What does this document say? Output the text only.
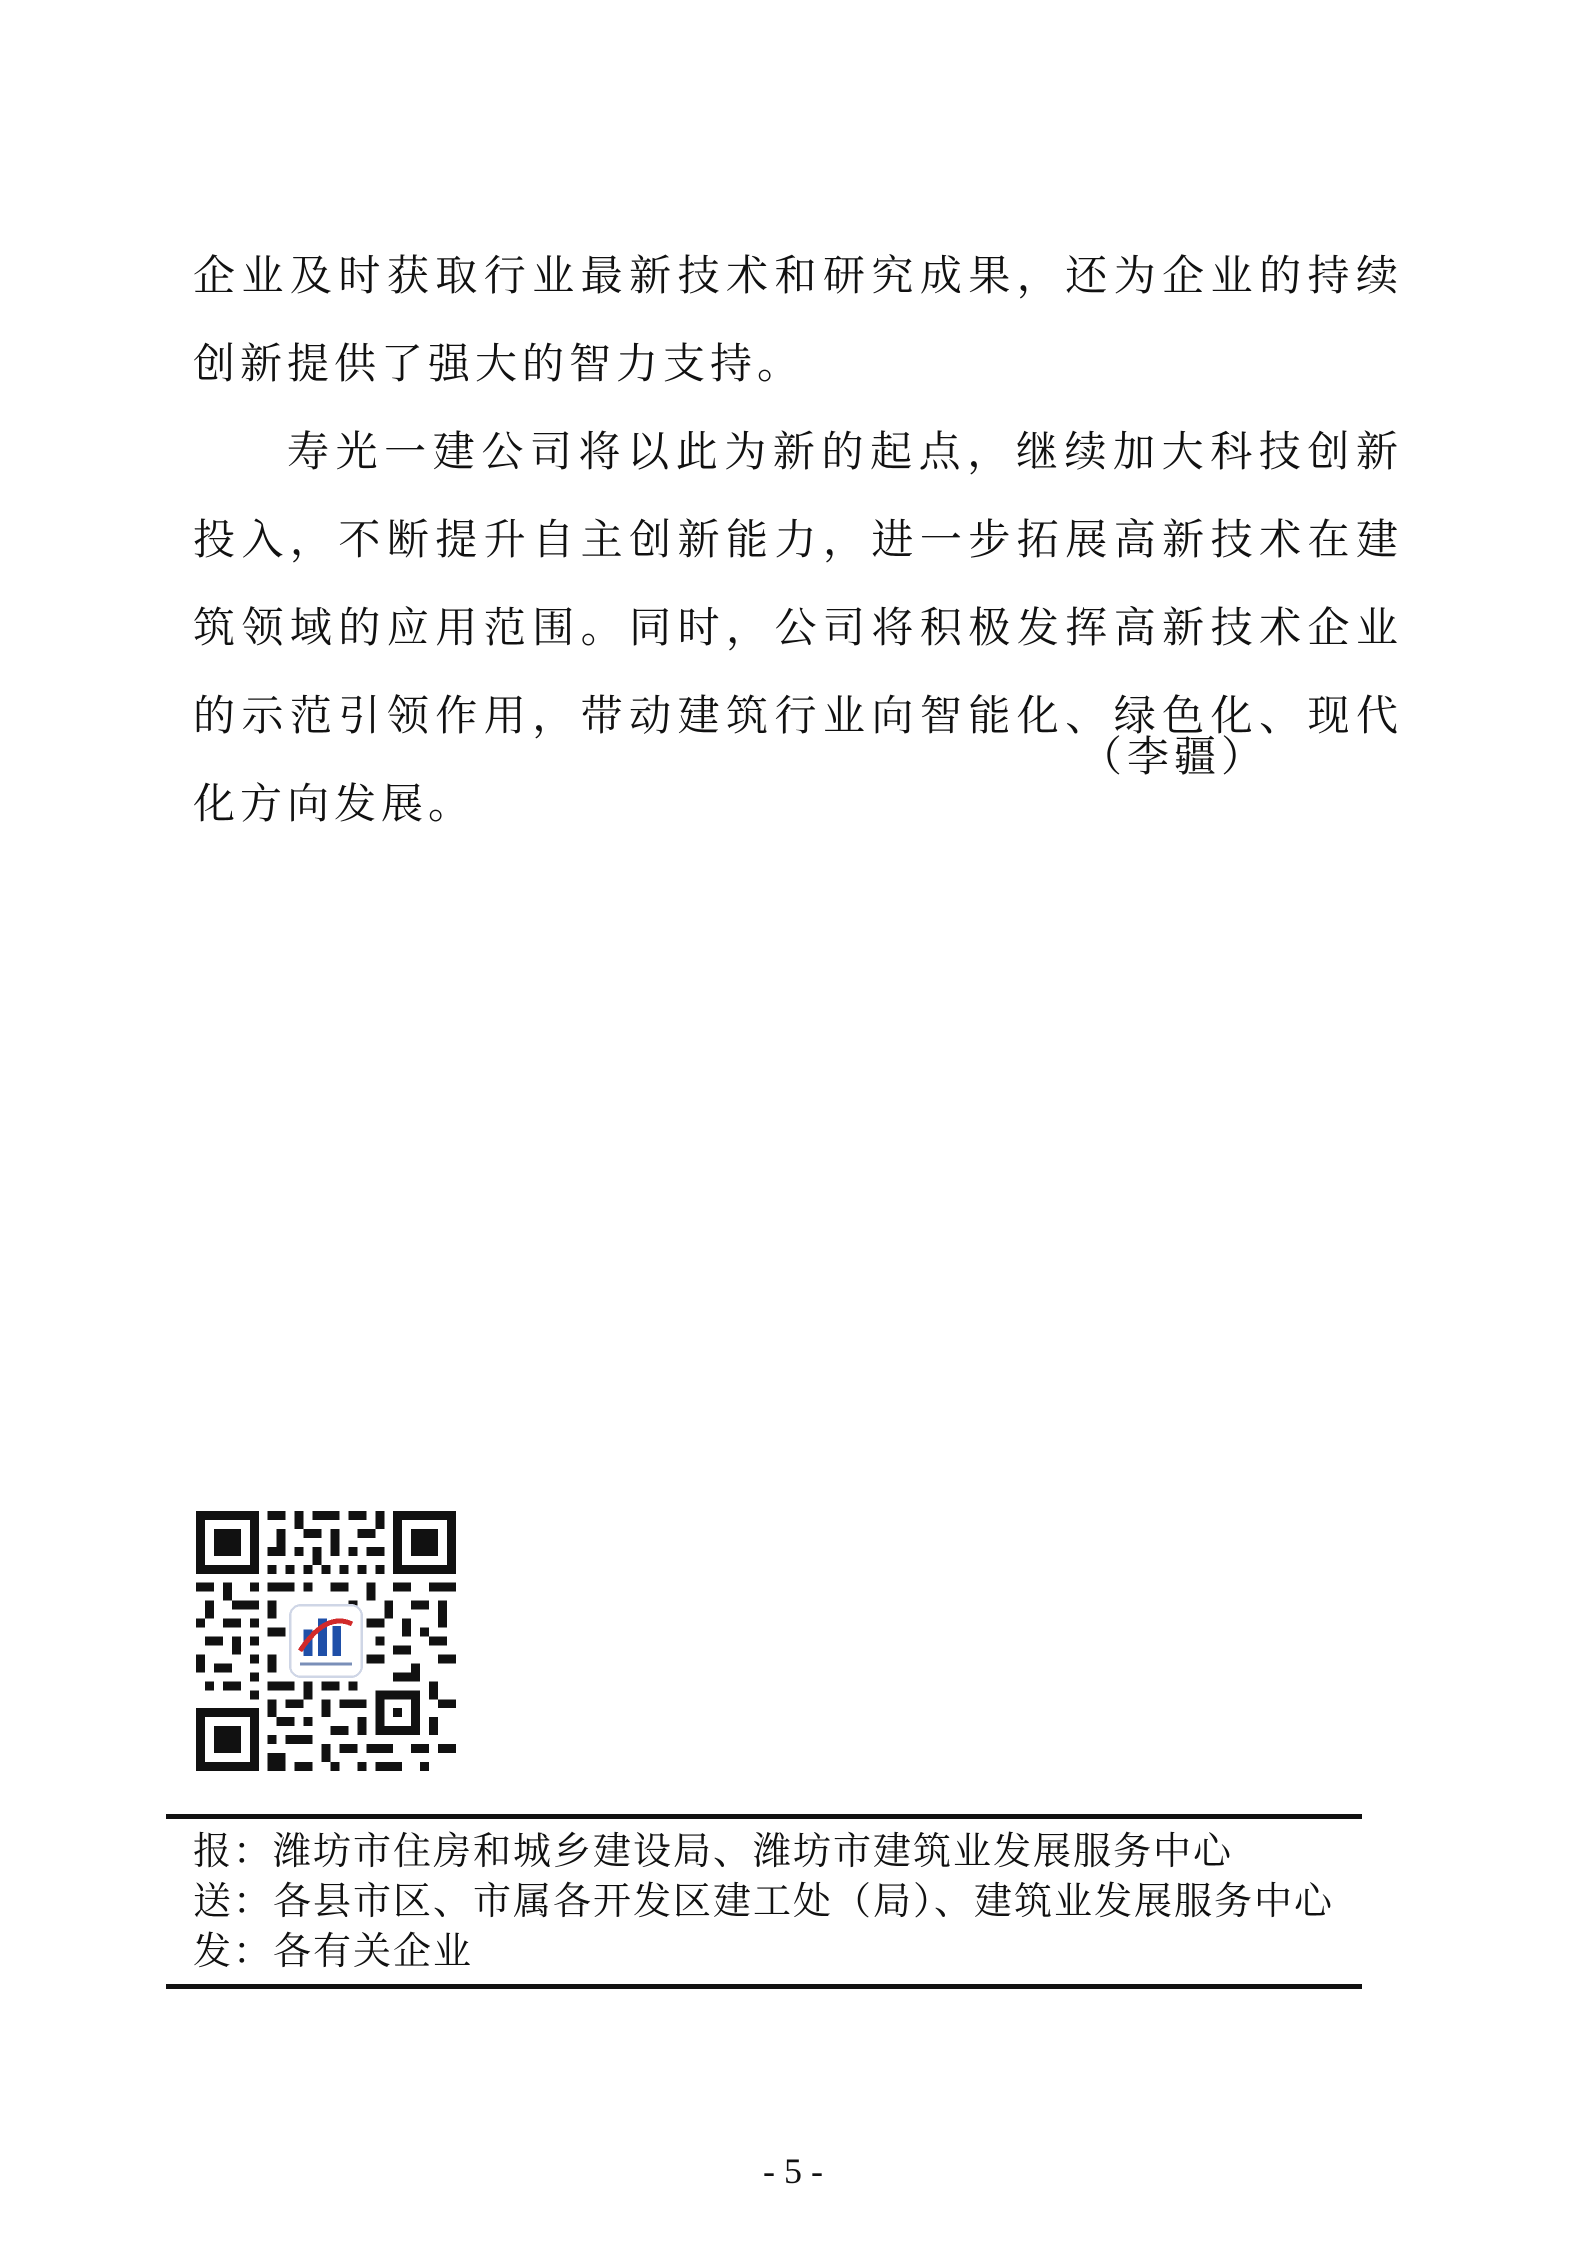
企业及时获取行业最新技术和研究成果，还为企业的持续创新提供了强大的智力支持。

寿光一建公司将以此为新的起点，继续加大科技创新投入，不断提升自主创新能力，进一步拓展高新技术在建筑领域的应用范围。同时，公司将积极发挥高新技术企业的示范引领作用，带动建筑行业向智能化、绿色化、现代化方向发展。

（李疆）
报： 潍坊市住房和城乡建设局、潍坊市建筑业发展服务中心
送： 各县市区、市属各开发区建工处（局）、建筑业发展服务中心
发： 各有关企业
- 5 -
